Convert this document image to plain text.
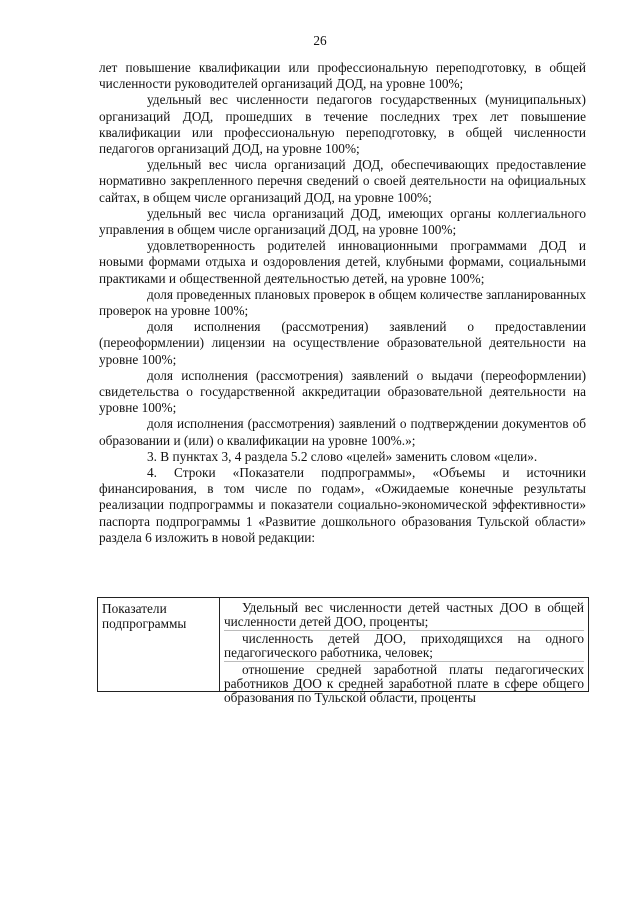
26

лет повышение квалификации или профессиональную переподготовку, в общей численности руководителей организаций ДОД, на уровне 100%;

удельный вес численности педагогов государственных (муниципальных) организаций ДОД, прошедших в течение последних трех лет повышение квалификации или профессиональную переподготовку, в общей численности педагогов организаций ДОД, на уровне 100%;

удельный вес числа организаций ДОД, обеспечивающих предоставление нормативно закрепленного перечня сведений о своей деятельности на официальных сайтах, в общем числе организаций ДОД, на уровне 100%;

удельный вес числа организаций ДОД, имеющих органы коллегиального управления в общем числе организаций ДОД, на уровне 100%;

удовлетворенность родителей инновационными программами ДОД и новыми формами отдыха и оздоровления детей, клубными формами, социальными практиками и общественной деятельностью детей, на уровне 100%;

доля проведенных плановых проверок в общем количестве запланированных проверок на уровне 100%;

доля исполнения (рассмотрения) заявлений о предоставлении (переоформлении) лицензии на осуществление образовательной деятельности на уровне 100%;

доля исполнения (рассмотрения) заявлений о выдачи (переоформлении) свидетельства о государственной аккредитации образовательной деятельности на уровне 100%;

доля исполнения (рассмотрения) заявлений о подтверждении документов об образовании и (или) о квалификации на уровне 100%.»;

3. В пунктах 3, 4 раздела 5.2 слово «целей» заменить словом «цели».

4. Строки «Показатели подпрограммы», «Объемы и источники финансирования, в том числе по годам», «Ожидаемые конечные результаты реализации подпрограммы и показатели социально-экономической эффективности» паспорта подпрограммы 1 «Развитие дошкольного образования Тульской области» раздела 6 изложить в новой редакции:

Показатели подпрограммы

Удельный вес численности детей частных ДОО в общей численности детей ДОО, проценты;

численность детей ДОО, приходящихся на одного педагогического работника, человек;

отношение средней заработной платы педагогических работников ДОО к средней заработной плате в сфере общего образования по Тульской области, проценты
